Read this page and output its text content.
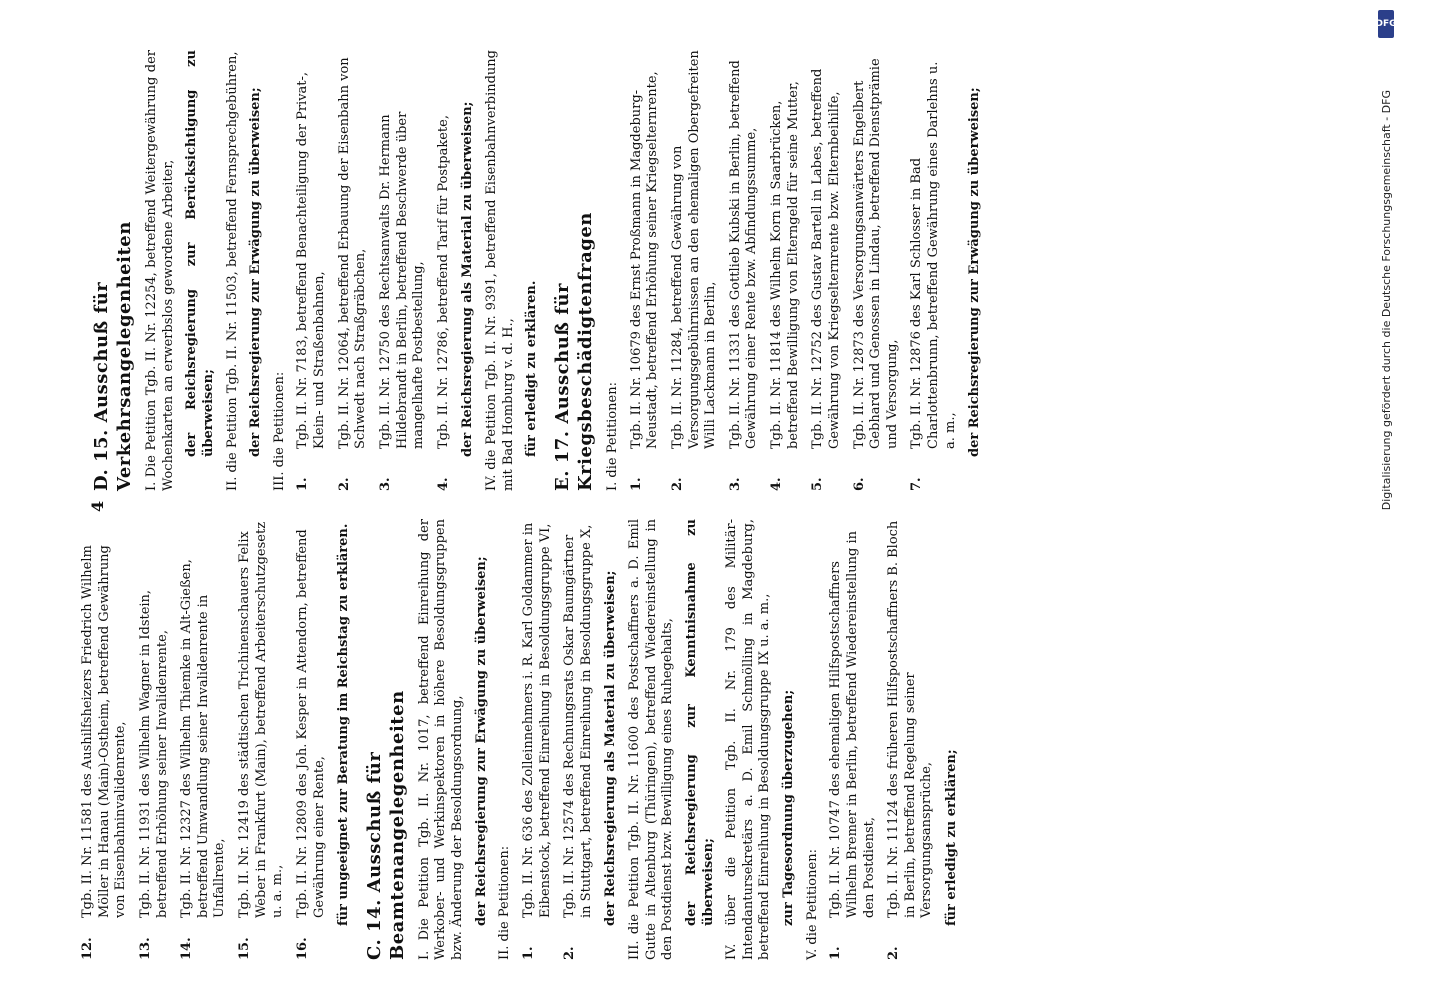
4
12.
Tgb. II. Nr. 11581 des Aushilfsheizers Friedrich Wilhelm Möller in Hanau (Main)-Ostheim, betreffend Gewährung von Eisenbahninvalidenrente,
13.
Tgb. II. Nr. 11931 des Wilhelm Wagner in Idstein, betreffend Erhöhung seiner Invalidenrente,
14.
Tgb. II. Nr. 12327 des Wilhelm Thiemke in Alt-Gießen, betreffend Umwandlung seiner Invalidenrente in Unfallrente,
15.
Tgb. II. Nr. 12419 des städtischen Trichinenschauers Felix Weber in Frankfurt (Main), betreffend Arbeiterschutzgesetz u. a. m.,
16.
Tgb. II. Nr. 12809 des Joh. Kesper in Attendorn, betreffend Gewährung einer Rente, für ungeeignet zur Beratung im Reichstag zu erklären. C. 14. Ausschuß für Beamtenangelegenheiten I. Die Petition Tgb. II. Nr. 1017, betreffend Einreihung der Werkober- und Werkinspektoren in höhere Besoldungsgruppen bzw. Änderung der Besoldungsordnung, der Reichsregierung zur Erwägung zu überweisen; II. die Petitionen: 1.
Tgb. II. Nr. 636 des Zolleinnehmers i. R. Karl Goldammer in Eibenstock, betreffend Einreihung in Besoldungsgruppe VI,
2.
Tgb. II. Nr. 12574 des Rechnungsrats Oskar Baumgärtner in Stuttgart, betreffend Einreihung in Besoldungsgruppe X, der Reichsregierung als Material zu überweisen; III. die Petition Tgb. II. Nr. 11600 des Postschaffners a. D. Emil Gutte in Altenburg (Thüringen), betreffend Wiedereinstellung in den Postdienst bzw. Bewilligung eines Ruhegehalts, der Reichsregierung zur Kenntnisnahme zu überweisen; IV. über die Petition Tgb. II. Nr. 179 des Militär-Intendantursekretärs a. D. Emil Schmölling in Magdeburg, betreffend Einreihung in Besoldungsgruppe IX u. a. m., zur Tagesordnung überzugehen; V. die Petitionen: 1.
Tgb. II. Nr. 10747 des ehemaligen Hilfspostschaffners Wilhelm Bremer in Berlin, betreffend Wiedereinstellung in den Postdienst,
2.
Tgb. II. Nr. 11124 des früheren Hilfspostschaffners B. Bloch in Berlin, betreffend Regelung seiner Versorgungsansprüche, für erledigt zu erklären;

D. 15. Ausschuß für Verkehrsangelegenheiten I. Die Petition Tgb. II. Nr. 12254, betreffend Weitergewährung der Wochenkarten an erwerbslos gewordene Arbeiter, der Reichsregierung zur Berücksichtigung zu überweisen; II. die Petition Tgb. II. Nr. 11503, betreffend Fernsprechgebühren, der Reichsregierung zur Erwägung zu überweisen; III. die Petitionen: 1.
Tgb. II. Nr. 7183, betreffend Benachteiligung der Privat-, Klein- und Straßenbahnen,
2.
Tgb. II. Nr. 12064, betreffend Erbauung der Eisenbahn von Schwedt nach Straßgräbchen,
3.
Tgb. II. Nr. 12750 des Rechtsanwalts Dr. Hermann Hildebrandt in Berlin, betreffend Beschwerde über mangelhafte Postbestellung,
4.
Tgb. II. Nr. 12786, betreffend Tarif für Postpakete, der Reichsregierung als Material zu überweisen; IV. die Petition Tgb. II. Nr. 9391, betreffend Eisenbahnverbindung mit Bad Homburg v. d. H., für erledigt zu erklären. E. 17. Ausschuß für Kriegsbeschädigtenfragen I. die Petitionen: 1.
Tgb. II. Nr. 10679 des Ernst Proßmann in Magdeburg-Neustadt, betreffend Erhöhung seiner Kriegselternrente,
2.
Tgb. II. Nr. 11284, betreffend Gewährung von Versorgungsgebührnissen an den ehemaligen Obergefreiten Willi Lackmann in Berlin,
3.
Tgb. II. Nr. 11331 des Gottlieb Kubski in Berlin, betreffend Gewährung einer Rente bzw. Abfindungssumme,
4.
Tgb. II. Nr. 11814 des Wilhelm Korn in Saarbrücken, betreffend Bewilligung von Elterngeld für seine Mutter,
5.
Tgb. II. Nr. 12752 des Gustav Bartell in Labes, betreffend Gewährung von Kriegselternrente bzw. Elternbeihilfe,
6.
Tgb. II. Nr. 12873 des Versorgungsanwärters Engelbert Gebhard und Genossen in Lindau, betreffend Dienstprämie und Versorgung,
7.
Tgb. II. Nr. 12876 des Karl Schlosser in Bad Charlottenbrunn, betreffend Gewährung eines Darlehns u. a. m., der Reichsregierung zur Erwägung zu überweisen;

DFG
Digitalisierung gefördert durch die Deutsche Forschungsgemeinschaft - DFG
